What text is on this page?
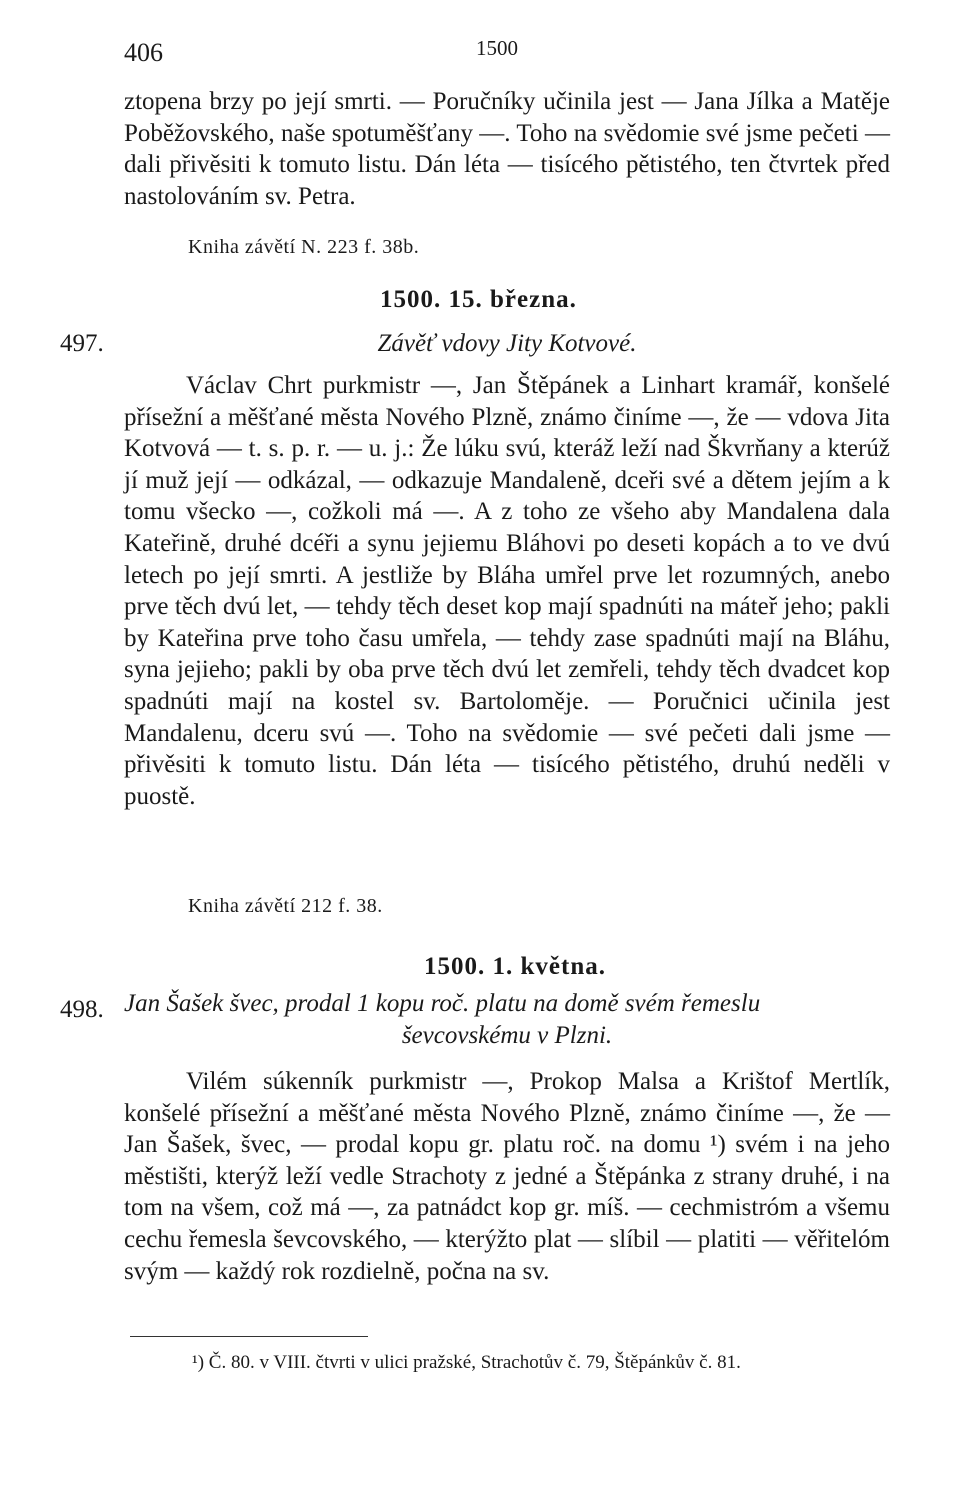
406	1500

ztopena brzy po její smrti. — Poručníky učinila jest — Jana Jílka a Matěje Poběžovského, naše spotuměšťany —. Toho na svědomie své jsme pečeti — dali přivěsiti k tomuto listu. Dán léta — tisícého pětistého, ten čtvrtek před nastolováním sv. Petra.

Kniha závětí N. 223 f. 38b.
1500. 15. března.
497.	Závěť vdovy Jity Kotvové.

Václav Chrt purkmistr —, Jan Štěpánek a Linhart kramář, konšelé přísežní a měšťané města Nového Plzně, známo činíme —, že — vdova Jita Kotvová — t. s. p. r. — u. j.: Že lúku svú, kteráž leží nad Škvrňany a kterúž jí muž její — odkázal, — odkazuje Mandaleně, dceři své a dětem jejím a k tomu všecko —, cožkoli má —. A z toho ze všeho aby Mandalena dala Kateřině, druhé dcéři a synu jejiemu Bláhovi po deseti kopách a to ve dvú letech po její smrti. A jestliže by Bláha umřel prve let rozumných, anebo prve těch dvú let, — tehdy těch deset kop mají spadnúti na máteř jeho; pakli by Kateřina prve toho času umřela, — tehdy zase spadnúti mají na Bláhu, syna jejieho; pakli by oba prve těch dvú let zemřeli, tehdy těch dvadcet kop spadnúti mají na kostel sv. Bartoloměje. — Poručnici učinila jest Mandalenu, dceru svú —. Toho na svědomie — své pečeti dali jsme — přivěsiti k tomuto listu. Dán léta — tisícého pětistého, druhú neděli v puostě.

Kniha závětí 212 f. 38.
1500. 1. května.
498. Jan Šašek švec, prodal 1 kopu roč. platu na domě svém řemeslu
ševcovskému v Plzni.

Vilém súkenník purkmistr —, Prokop Malsa a Krištof Mertlík, konšelé přísežní a měšťané města Nového Plzně, známo činíme —, že — Jan Šašek, švec, — prodal kopu gr. platu roč. na domu ¹) svém i na jeho městišti, kterýž leží vedle Strachoty z jedné a Štěpánka z strany druhé, i na tom na všem, což má —, za patnádct kop gr. míš. — cechmistróm a všemu cechu řemesla ševcovského, — kterýžto plat — slíbil — platiti — věřitelóm svým — každý rok rozdielně, počna na sv.

¹) Č. 80. v VIII. čtvrti v ulici pražské, Strachotův č. 79, Štěpánkův č. 81.
